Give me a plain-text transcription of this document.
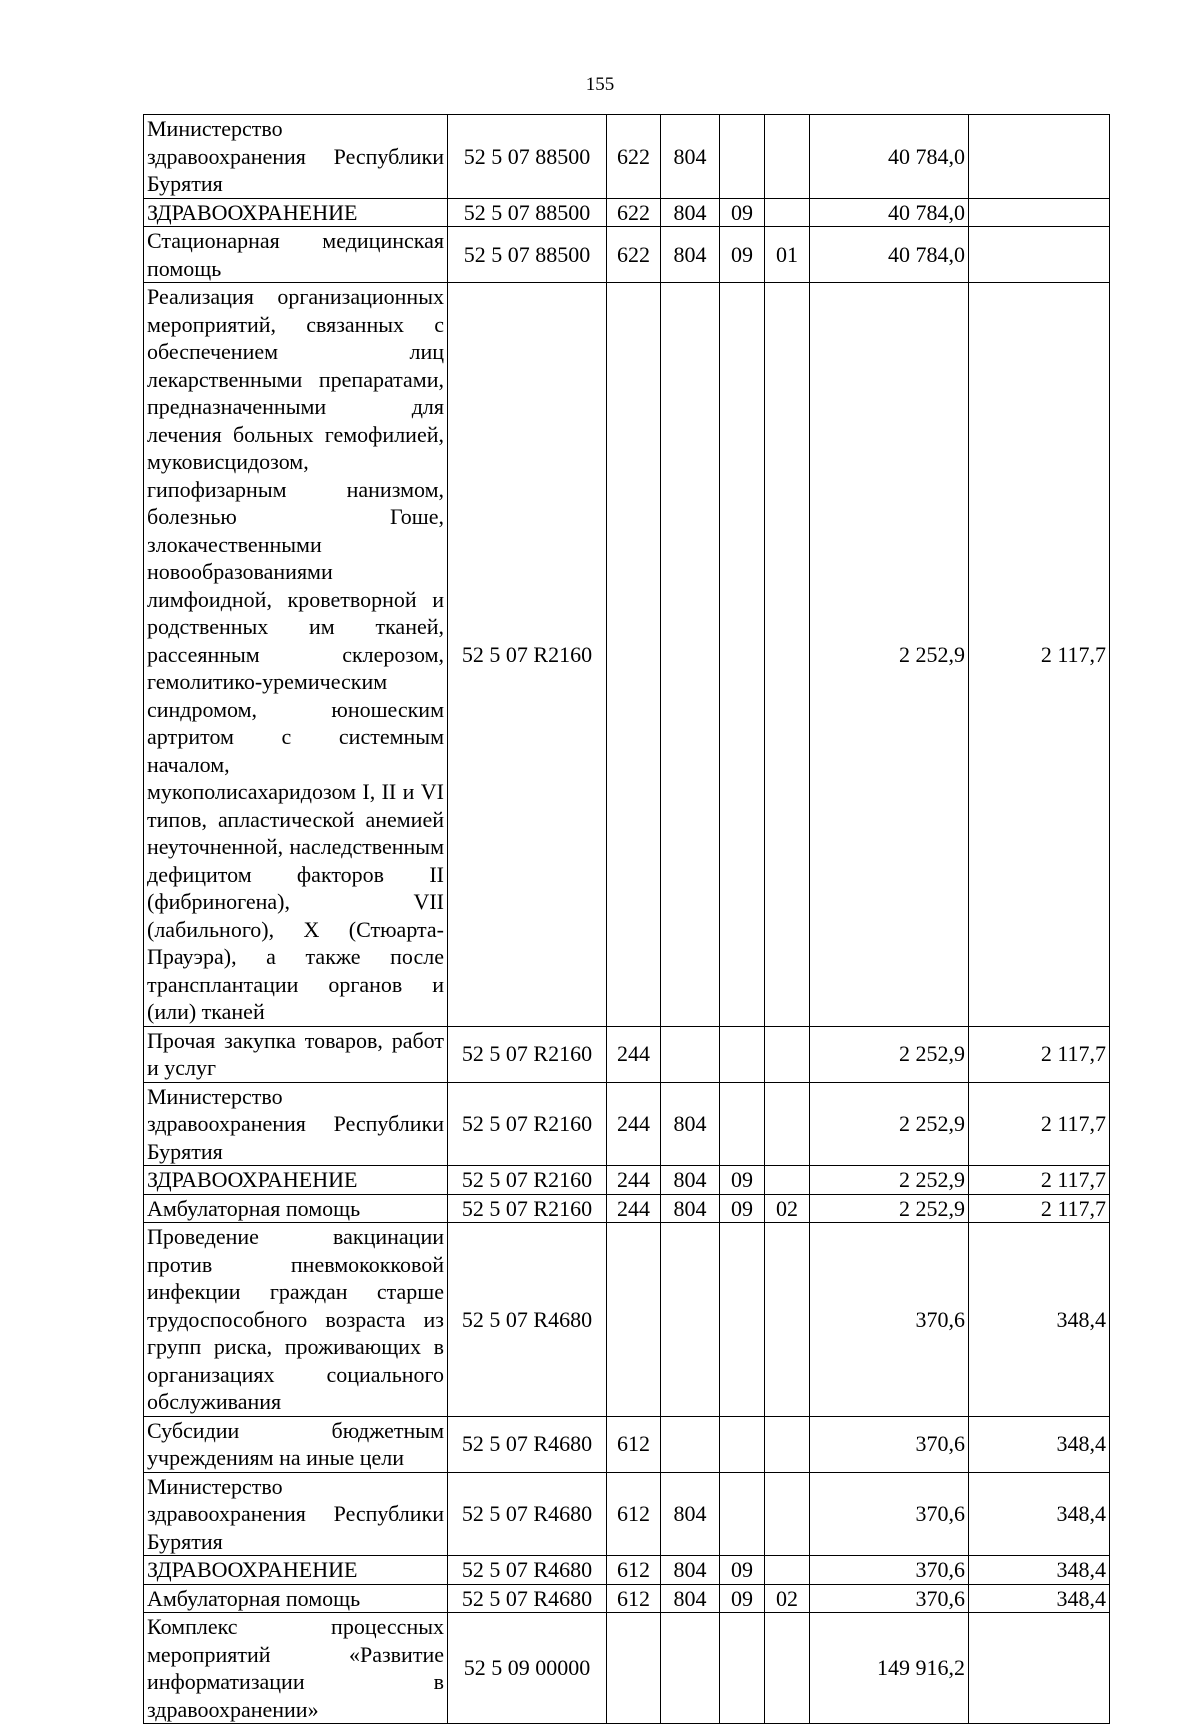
155
Министерство здравоохранения Республики Бурятия	52 5 07 88500	622	804			40 784,0	
ЗДРАВООХРАНЕНИЕ	52 5 07 88500	622	804	09		40 784,0	
Стационарная медицинская помощь	52 5 07 88500	622	804	09	01	40 784,0	
Реализация организационных мероприятий, связанных с обеспечением лиц лекарственными препаратами, предназначенными для лечения больных гемофилией, муковисцидозом, гипофизарным нанизмом, болезнью Гоше, злокачественными новообразованиями лимфоидной, кроветворной и родственных им тканей, рассеянным склерозом, гемолитико-уремическим синдромом, юношеским артритом с системным началом, мукополисахаридозом I, II и VI типов, апластической анемией неуточненной, наследственным дефицитом факторов II (фибриногена), VII (лабильного), X (Стюарта-Прауэра), а также после трансплантации органов и (или) тканей	52 5 07 R2160					2 252,9	2 117,7
Прочая закупка товаров, работ и услуг	52 5 07 R2160	244				2 252,9	2 117,7
Министерство здравоохранения Республики Бурятия	52 5 07 R2160	244	804			2 252,9	2 117,7
ЗДРАВООХРАНЕНИЕ	52 5 07 R2160	244	804	09		2 252,9	2 117,7
Амбулаторная помощь	52 5 07 R2160	244	804	09	02	2 252,9	2 117,7
Проведение вакцинации против пневмококковой инфекции граждан старше трудоспособного возраста из групп риска, проживающих в организациях социального обслуживания	52 5 07 R4680					370,6	348,4
Субсидии бюджетным учреждениям на иные цели	52 5 07 R4680	612				370,6	348,4
Министерство здравоохранения Республики Бурятия	52 5 07 R4680	612	804			370,6	348,4
ЗДРАВООХРАНЕНИЕ	52 5 07 R4680	612	804	09		370,6	348,4
Амбулаторная помощь	52 5 07 R4680	612	804	09	02	370,6	348,4
Комплекс процессных мероприятий «Развитие информатизации в здравоохранении»	52 5 09 00000					149 916,2	
